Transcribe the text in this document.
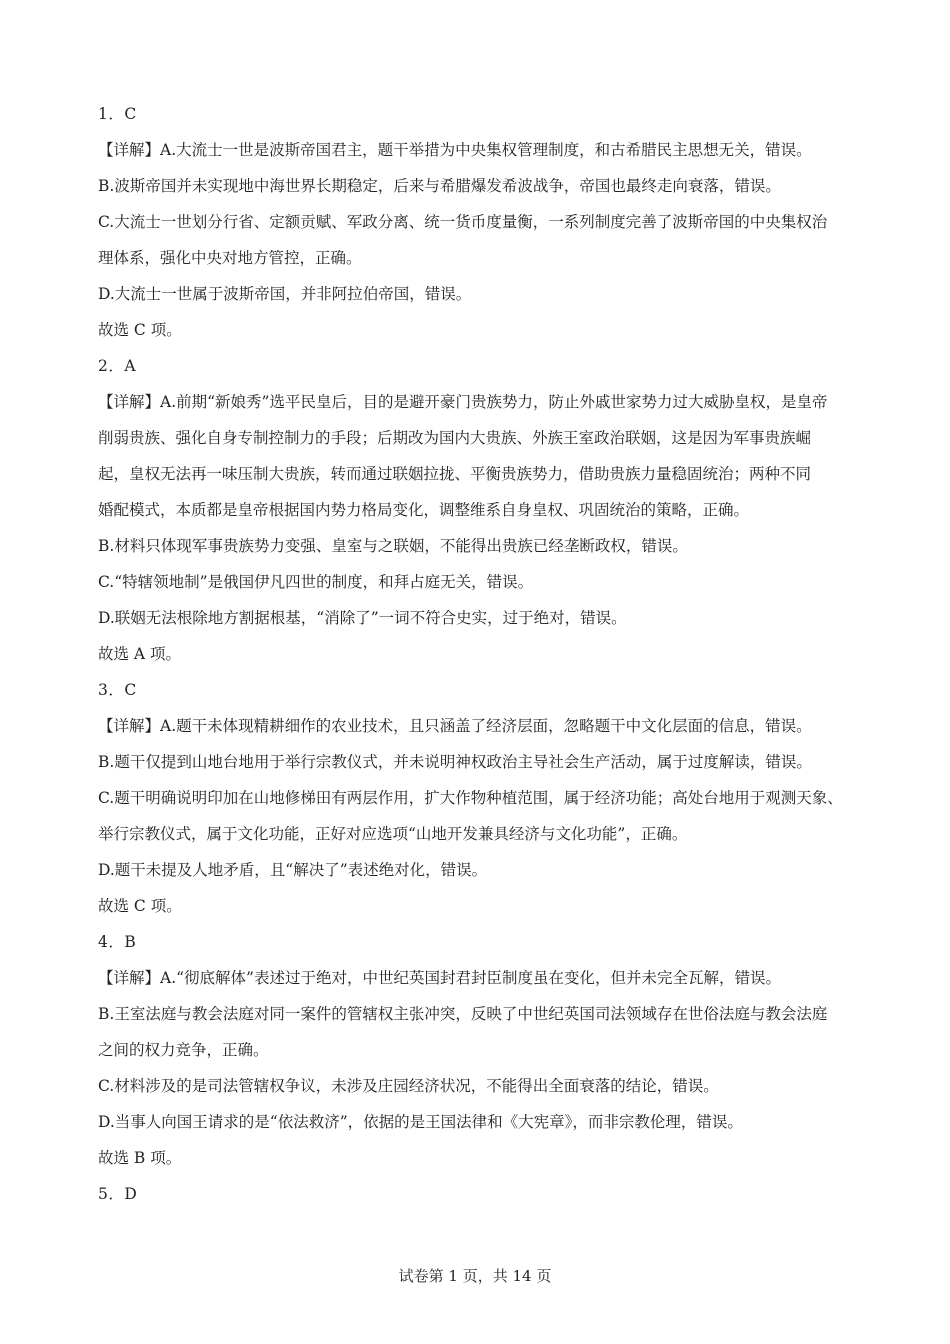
1．C

【详解】A.大流士一世是波斯帝国君主，题干举措为中央集权管理制度，和古希腊民主思想无关，错误。

B.波斯帝国并未实现地中海世界长期稳定，后来与希腊爆发希波战争，帝国也最终走向衰落，错误。

C.大流士一世划分行省、定额贡赋、军政分离、统一货币度量衡，一系列制度完善了波斯帝国的中央集权治

理体系，强化中央对地方管控，正确。

D.大流士一世属于波斯帝国，并非阿拉伯帝国，错误。

故选 C 项。

2．A

【详解】A.前期“新娘秀”选平民皇后，目的是避开豪门贵族势力，防止外戚世家势力过大威胁皇权，是皇帝

削弱贵族、强化自身专制控制力的手段；后期改为国内大贵族、外族王室政治联姻，这是因为军事贵族崛

起，皇权无法再一味压制大贵族，转而通过联姻拉拢、平衡贵族势力，借助贵族力量稳固统治；两种不同

婚配模式，本质都是皇帝根据国内势力格局变化，调整维系自身皇权、巩固统治的策略，正确。

B.材料只体现军事贵族势力变强、皇室与之联姻，不能得出贵族已经垄断政权，错误。

C.“特辖领地制”是俄国伊凡四世的制度，和拜占庭无关，错误。

D.联姻无法根除地方割据根基，“消除了”一词不符合史实，过于绝对，错误。

故选 A 项。

3．C

【详解】A.题干未体现精耕细作的农业技术，且只涵盖了经济层面，忽略题干中文化层面的信息，错误。

B.题干仅提到山地台地用于举行宗教仪式，并未说明神权政治主导社会生产活动，属于过度解读，错误。

C.题干明确说明印加在山地修梯田有两层作用，扩大作物种植范围，属于经济功能；高处台地用于观测天象、

举行宗教仪式，属于文化功能，正好对应选项“山地开发兼具经济与文化功能”，正确。

D.题干未提及人地矛盾，且“解决了”表述绝对化，错误。

故选 C 项。

4．B

【详解】A.“彻底解体”表述过于绝对，中世纪英国封君封臣制度虽在变化，但并未完全瓦解，错误。

B.王室法庭与教会法庭对同一案件的管辖权主张冲突，反映了中世纪英国司法领域存在世俗法庭与教会法庭

之间的权力竞争，正确。

C.材料涉及的是司法管辖权争议，未涉及庄园经济状况，不能得出全面衰落的结论，错误。

D.当事人向国王请求的是“依法救济”，依据的是王国法律和《大宪章》，而非宗教伦理，错误。

故选 B 项。

5．D

试卷第 1 页，共 14 页
